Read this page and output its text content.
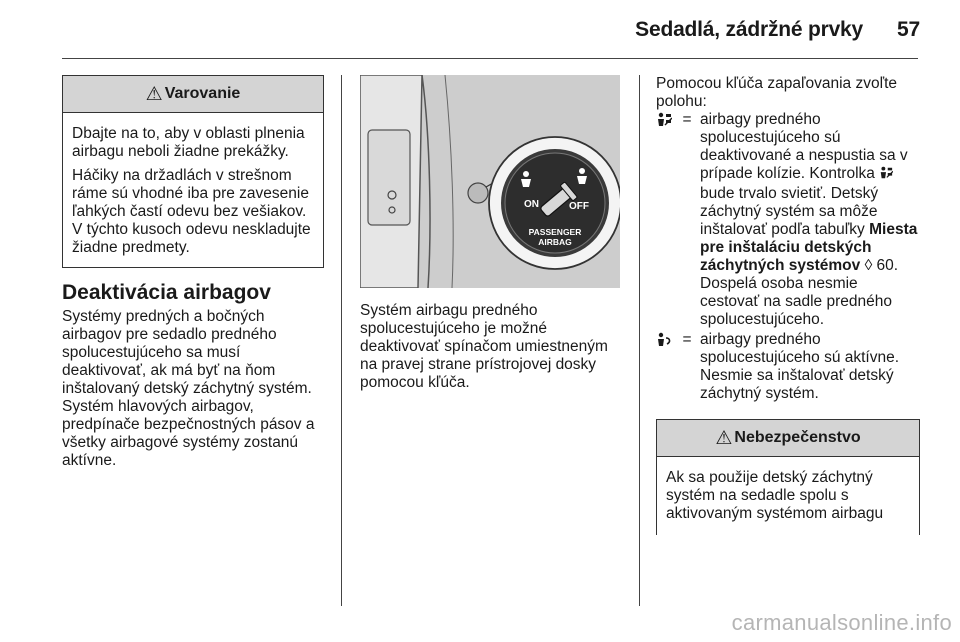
Sedadlá, zádržné prvky 57
⚠ Varovanie

Dbajte na to, aby v oblasti plnenia airbagu neboli žiadne prekážky.

Háčiky na držadlách v strešnom ráme sú vhodné iba pre zavesenie ľahkých častí odevu bez vešiakov. V týchto kusoch odevu neskladujte žiadne predmety.

Deaktivácia airbagov

Systémy predných a bočných airbagov pre sedadlo predného spolucestujúceho sa musí deaktivovať, ak má byť na ňom inštalovaný detský záchytný systém. Systém hlavových airbagov, predpínače bezpečnostných pásov a všetky airbagové systémy zostanú aktívne.

ON	OFF
PASSENGER
AIRBAG

Systém airbagu predného spolucestujúceho je možné deaktivovať spínačom umiestneným na pravej strane prístrojovej dosky pomocou kľúča.

Pomocou kľúča zapaľovania zvoľte polohu:

= airbagy predného spolucestujúceho sú deaktivované a nespustia sa v prípade kolízie. Kontrolka  bude trvalo svietiť. Detský záchytný systém sa môže inštalovať podľa tabuľky Miesta pre inštaláciu detských záchytných systémov ◊ 60. Dospelá osoba nesmie cestovať na sadle predného spolucestujúceho.
= airbagy predného spolucestujúceho sú aktívne. Nesmie sa inštalovať detský záchytný systém.
⚠ Nebezpečenstvo

Ak sa použije detský záchytný systém na sedadle spolu s aktivovaným systémom airbagu

carmanualsonline.info
